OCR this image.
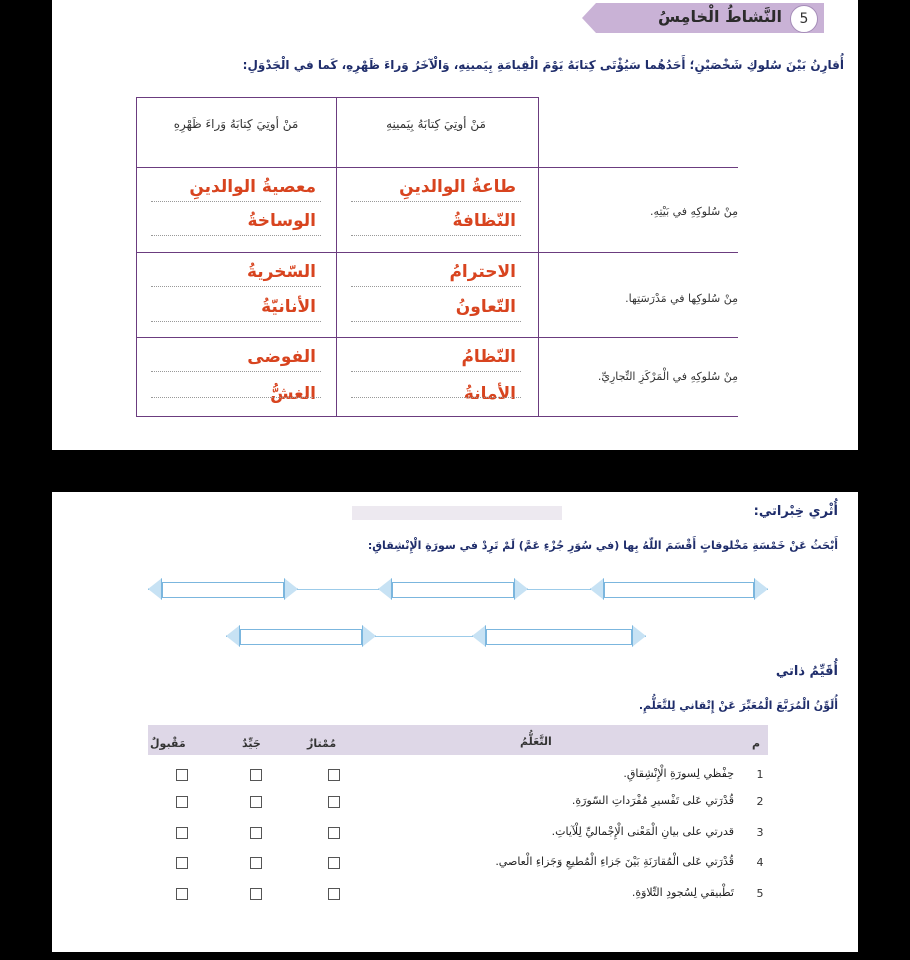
5
النَّشاطُ الْخامِسُ
أُقارِنُ بَيْنَ سُلوكِ شَخْصَيْنِ؛ أَحَدُهُما سَيُؤْتَى كِتابَهُ يَوْمَ الْقِيامَةِ بِيَمينِهِ، وَالْآخَرُ وَراءَ ظَهْرِهِ، كَما في الْجَدْوَلِ:
مَنْ أوتِيَ كِتابَهُ بِيَمينِهِ
مَنْ أوتِيَ كِتابَهُ وَراءَ ظَهْرِهِ
مِنْ سُلوكِهِ في بَيْتِهِ.
طاعةُ الوالدينِ
النّظافةُ
معصيةُ الوالدينِ
الوساخةُ
مِنْ سُلوكِها في مَدْرَسَتِها.
الاحترامُ
التّعاونُ
السّخريةُ
الأنانيّةُ
مِنْ سُلوكِهِ في الْمَرْكَزِ التِّجارِيِّ.
النّظامُ
الأمانةُ
الفوضى
الغشُّ
أُثْري خِبْراتي:
أَبْحَثُ عَنْ خَمْسَةِ مَخْلوقاتٍ أَقْسَمَ اللّهُ بِها (في سُوَرِ جُزْءِ عَمَّ) لَمْ تَرِدْ في سورَةِ الْإِنْشِقاقِ:
أُقَيِّمُ ذاتي
أُلَوِّنُ الْمُرَبَّعَ الْمُعَبِّرَ عَنْ إِتْقاني لِلتَّعَلُّمِ.
م
التَّعَلُّمُ
مُمْتازٌ
جَيِّدٌ
مَقْبولٌ
1
حِفْظي لِسورَةِ الْإِنْشِقاقِ.
2
قُدْرَتي عَلى تَفْسيرِ مُفْرَداتِ السّورَةِ.
3
قدرتي على بيانِ الْمَعْنى الْإِجْماليِّ لِلْآياتِ.
4
قُدْرَتي عَلى الْمُقارَنَةِ بَيْنَ جَزاءِ الْمُطيعِ وَجَزاءِ الْعاصي.
5
تَطْبيقي لِسُجودِ التِّلاوَةِ.
